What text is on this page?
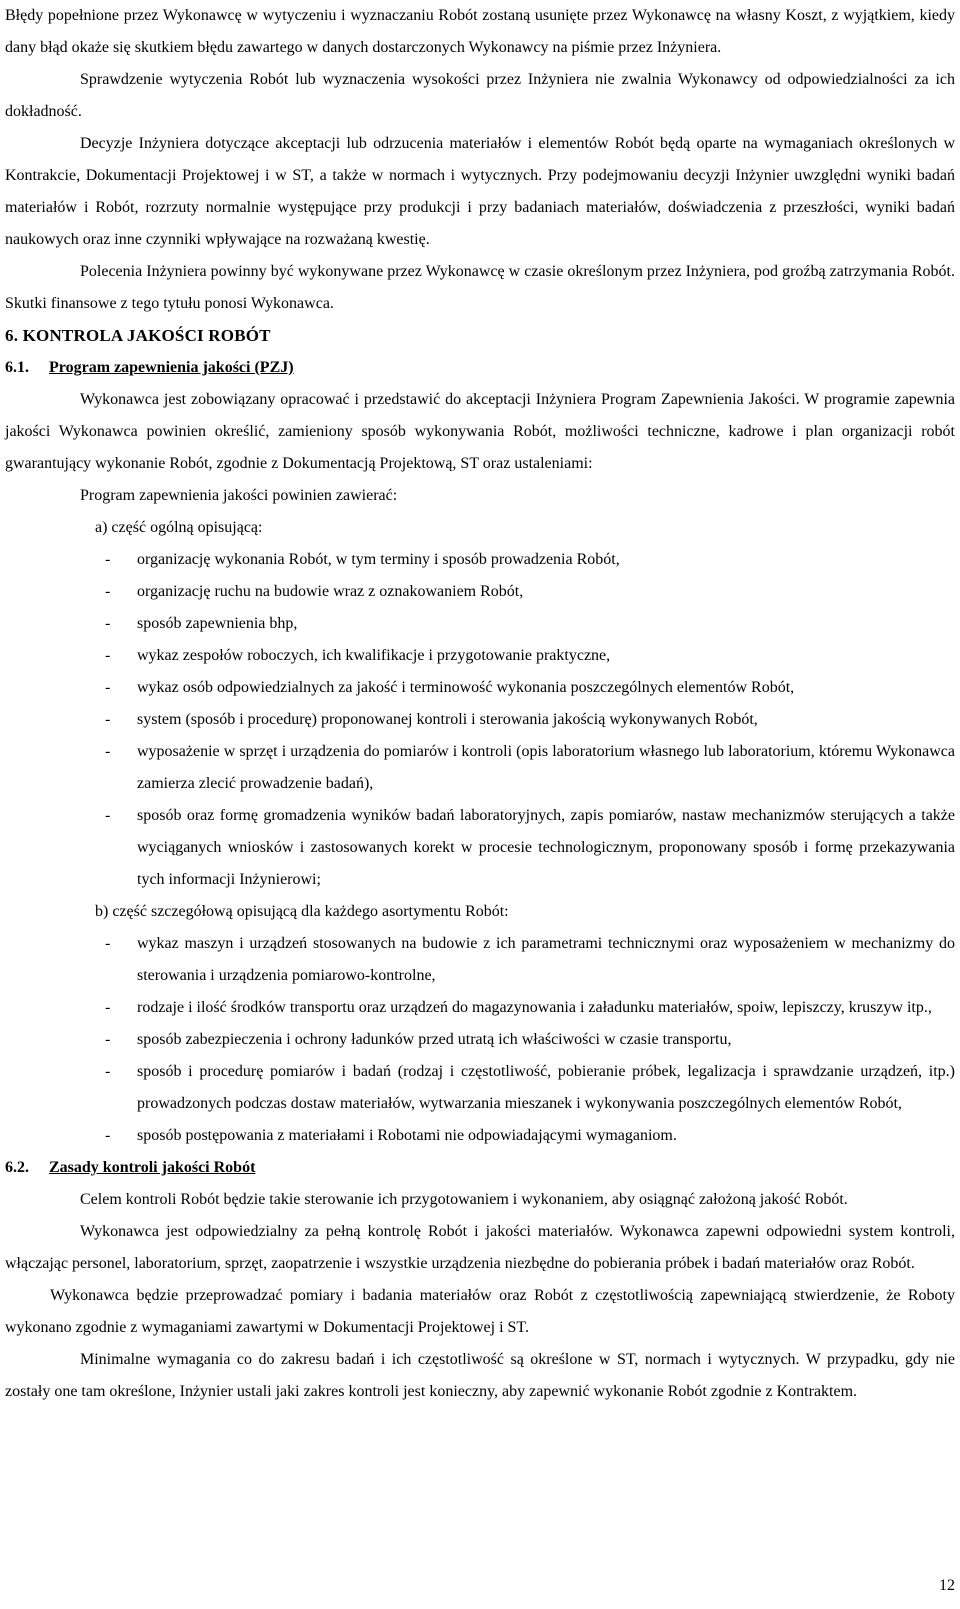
Błędy popełnione przez Wykonawcę w wytyczeniu i wyznaczaniu Robót zostaną usunięte przez Wykonawcę na własny Koszt, z wyjątkiem, kiedy dany błąd okaże się skutkiem błędu zawartego w danych dostarczonych Wykonawcy na piśmie przez Inżyniera.

Sprawdzenie wytyczenia Robót lub wyznaczenia wysokości przez Inżyniera nie zwalnia Wykonawcy od odpowiedzialności za ich dokładność.

Decyzje Inżyniera dotyczące akceptacji lub odrzucenia materiałów i elementów Robót będą oparte na wymaganiach określonych w Kontrakcie, Dokumentacji Projektowej i w ST, a także w normach i wytycznych. Przy podejmowaniu decyzji Inżynier uwzględni wyniki badań materiałów i Robót, rozrzuty normalnie występujące przy produkcji i przy badaniach materiałów, doświadczenia z przeszłości, wyniki badań naukowych oraz inne czynniki wpływające na rozważaną kwestię.

Polecenia Inżyniera powinny być wykonywane przez Wykonawcę w czasie określonym przez Inżyniera, pod groźbą zatrzymania Robót. Skutki finansowe z tego tytułu ponosi Wykonawca.

6. KONTROLA JAKOŚCI ROBÓT

6.1. Program zapewnienia jakości (PZJ)

Wykonawca jest zobowiązany opracować i przedstawić do akceptacji Inżyniera Program Zapewnienia Jakości. W programie zapewnia jakości Wykonawca powinien określić, zamieniony sposób wykonywania Robót, możliwości techniczne, kadrowe i plan organizacji robót gwarantujący wykonanie Robót, zgodnie z Dokumentacją Projektową, ST oraz ustaleniami:

Program zapewnienia jakości powinien zawierać:

a) część ogólną opisującą:

- organizację wykonania Robót, w tym terminy i sposób prowadzenia Robót,
- organizację ruchu na budowie wraz z oznakowaniem Robót,
- sposób zapewnienia bhp,
- wykaz zespołów roboczych, ich kwalifikacje i przygotowanie praktyczne,
- wykaz osób odpowiedzialnych za jakość i terminowość wykonania poszczególnych elementów Robót,
- system (sposób i procedurę) proponowanej kontroli i sterowania jakością wykonywanych Robót,
- wyposażenie w sprzęt i urządzenia do pomiarów i kontroli (opis laboratorium własnego lub laboratorium, któremu Wykonawca zamierza zlecić prowadzenie badań),
- sposób oraz formę gromadzenia wyników badań laboratoryjnych, zapis pomiarów, nastaw mechanizmów sterujących a także wyciąganych wniosków i zastosowanych korekt w procesie technologicznym, proponowany sposób i formę przekazywania tych informacji Inżynierowi;

b) część szczegółową opisującą dla każdego asortymentu Robót:

- wykaz maszyn i urządzeń stosowanych na budowie z ich parametrami technicznymi oraz wyposażeniem w mechanizmy do sterowania i urządzenia pomiarowo-kontrolne,
- rodzaje i ilość środków transportu oraz urządzeń do magazynowania i załadunku materiałów, spoiw, lepiszczy, kruszyw itp.,
- sposób zabezpieczenia i ochrony ładunków przed utratą ich właściwości w czasie transportu,
- sposób i procedurę pomiarów i badań (rodzaj i częstotliwość, pobieranie próbek, legalizacja i sprawdzanie urządzeń, itp.) prowadzonych podczas dostaw materiałów, wytwarzania mieszanek i wykonywania poszczególnych elementów Robót,
- sposób postępowania z materiałami i Robotami nie odpowiadającymi wymaganiom.

6.2. Zasady kontroli jakości Robót

Celem kontroli Robót będzie takie sterowanie ich przygotowaniem i wykonaniem, aby osiągnąć założoną jakość Robót.

Wykonawca jest odpowiedzialny za pełną kontrolę Robót i jakości materiałów. Wykonawca zapewni odpowiedni system kontroli, włączając personel, laboratorium, sprzęt, zaopatrzenie i wszystkie urządzenia niezbędne do pobierania próbek i badań materiałów oraz Robót.

Wykonawca będzie przeprowadzać pomiary i badania materiałów oraz Robót z częstotliwością zapewniającą stwierdzenie, że Roboty wykonano zgodnie z wymaganiami zawartymi w Dokumentacji Projektowej i ST.

Minimalne wymagania co do zakresu badań i ich częstotliwość są określone w ST, normach i wytycznych. W przypadku, gdy nie zostały one tam określone, Inżynier ustali jaki zakres kontroli jest konieczny, aby zapewnić wykonanie Robót zgodnie z Kontraktem.

12
